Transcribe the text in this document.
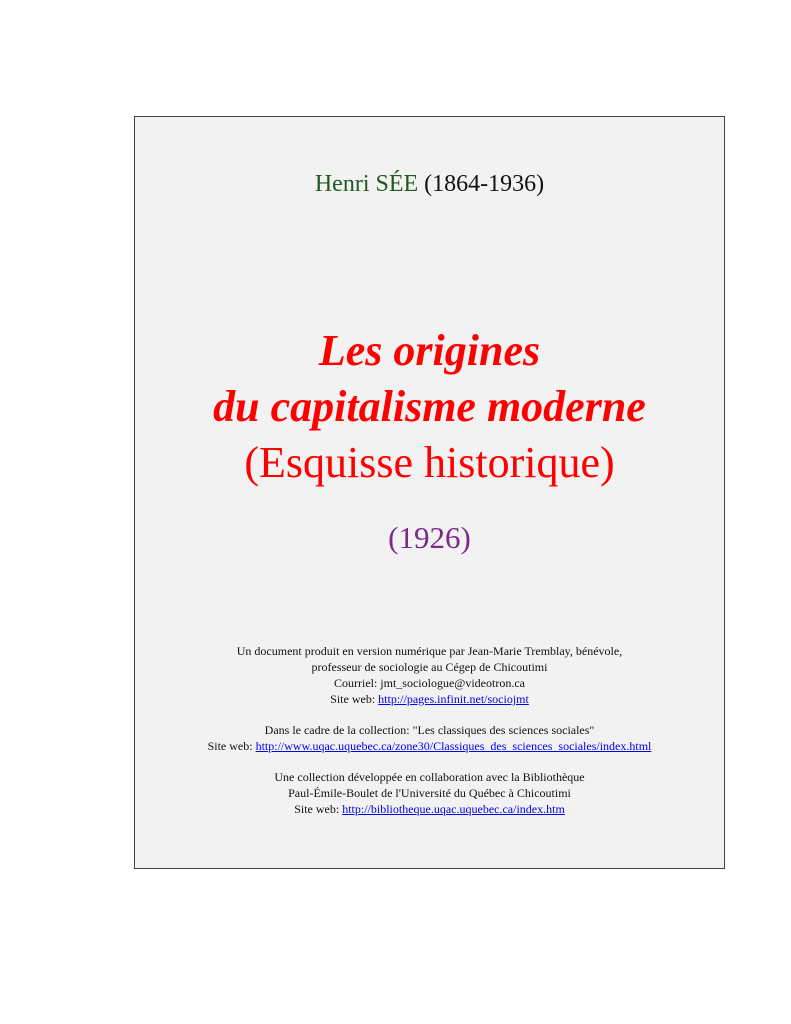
Henri SÉE (1864-1936)
Les origines
du capitalisme moderne
(Esquisse historique)
(1926)
Un document produit en version numérique par Jean-Marie Tremblay, bénévole,
professeur de sociologie au Cégep de Chicoutimi
Courriel: jmt_sociologue@videotron.ca
Site web: http://pages.infinit.net/sociojmt
Dans le cadre de la collection: "Les classiques des sciences sociales"
Site web: http://www.uqac.uquebec.ca/zone30/Classiques_des_sciences_sociales/index.html
Une collection développée en collaboration avec la Bibliothèque
Paul-Émile-Boulet de l'Université du Québec à Chicoutimi
Site web: http://bibliotheque.uqac.uquebec.ca/index.htm
